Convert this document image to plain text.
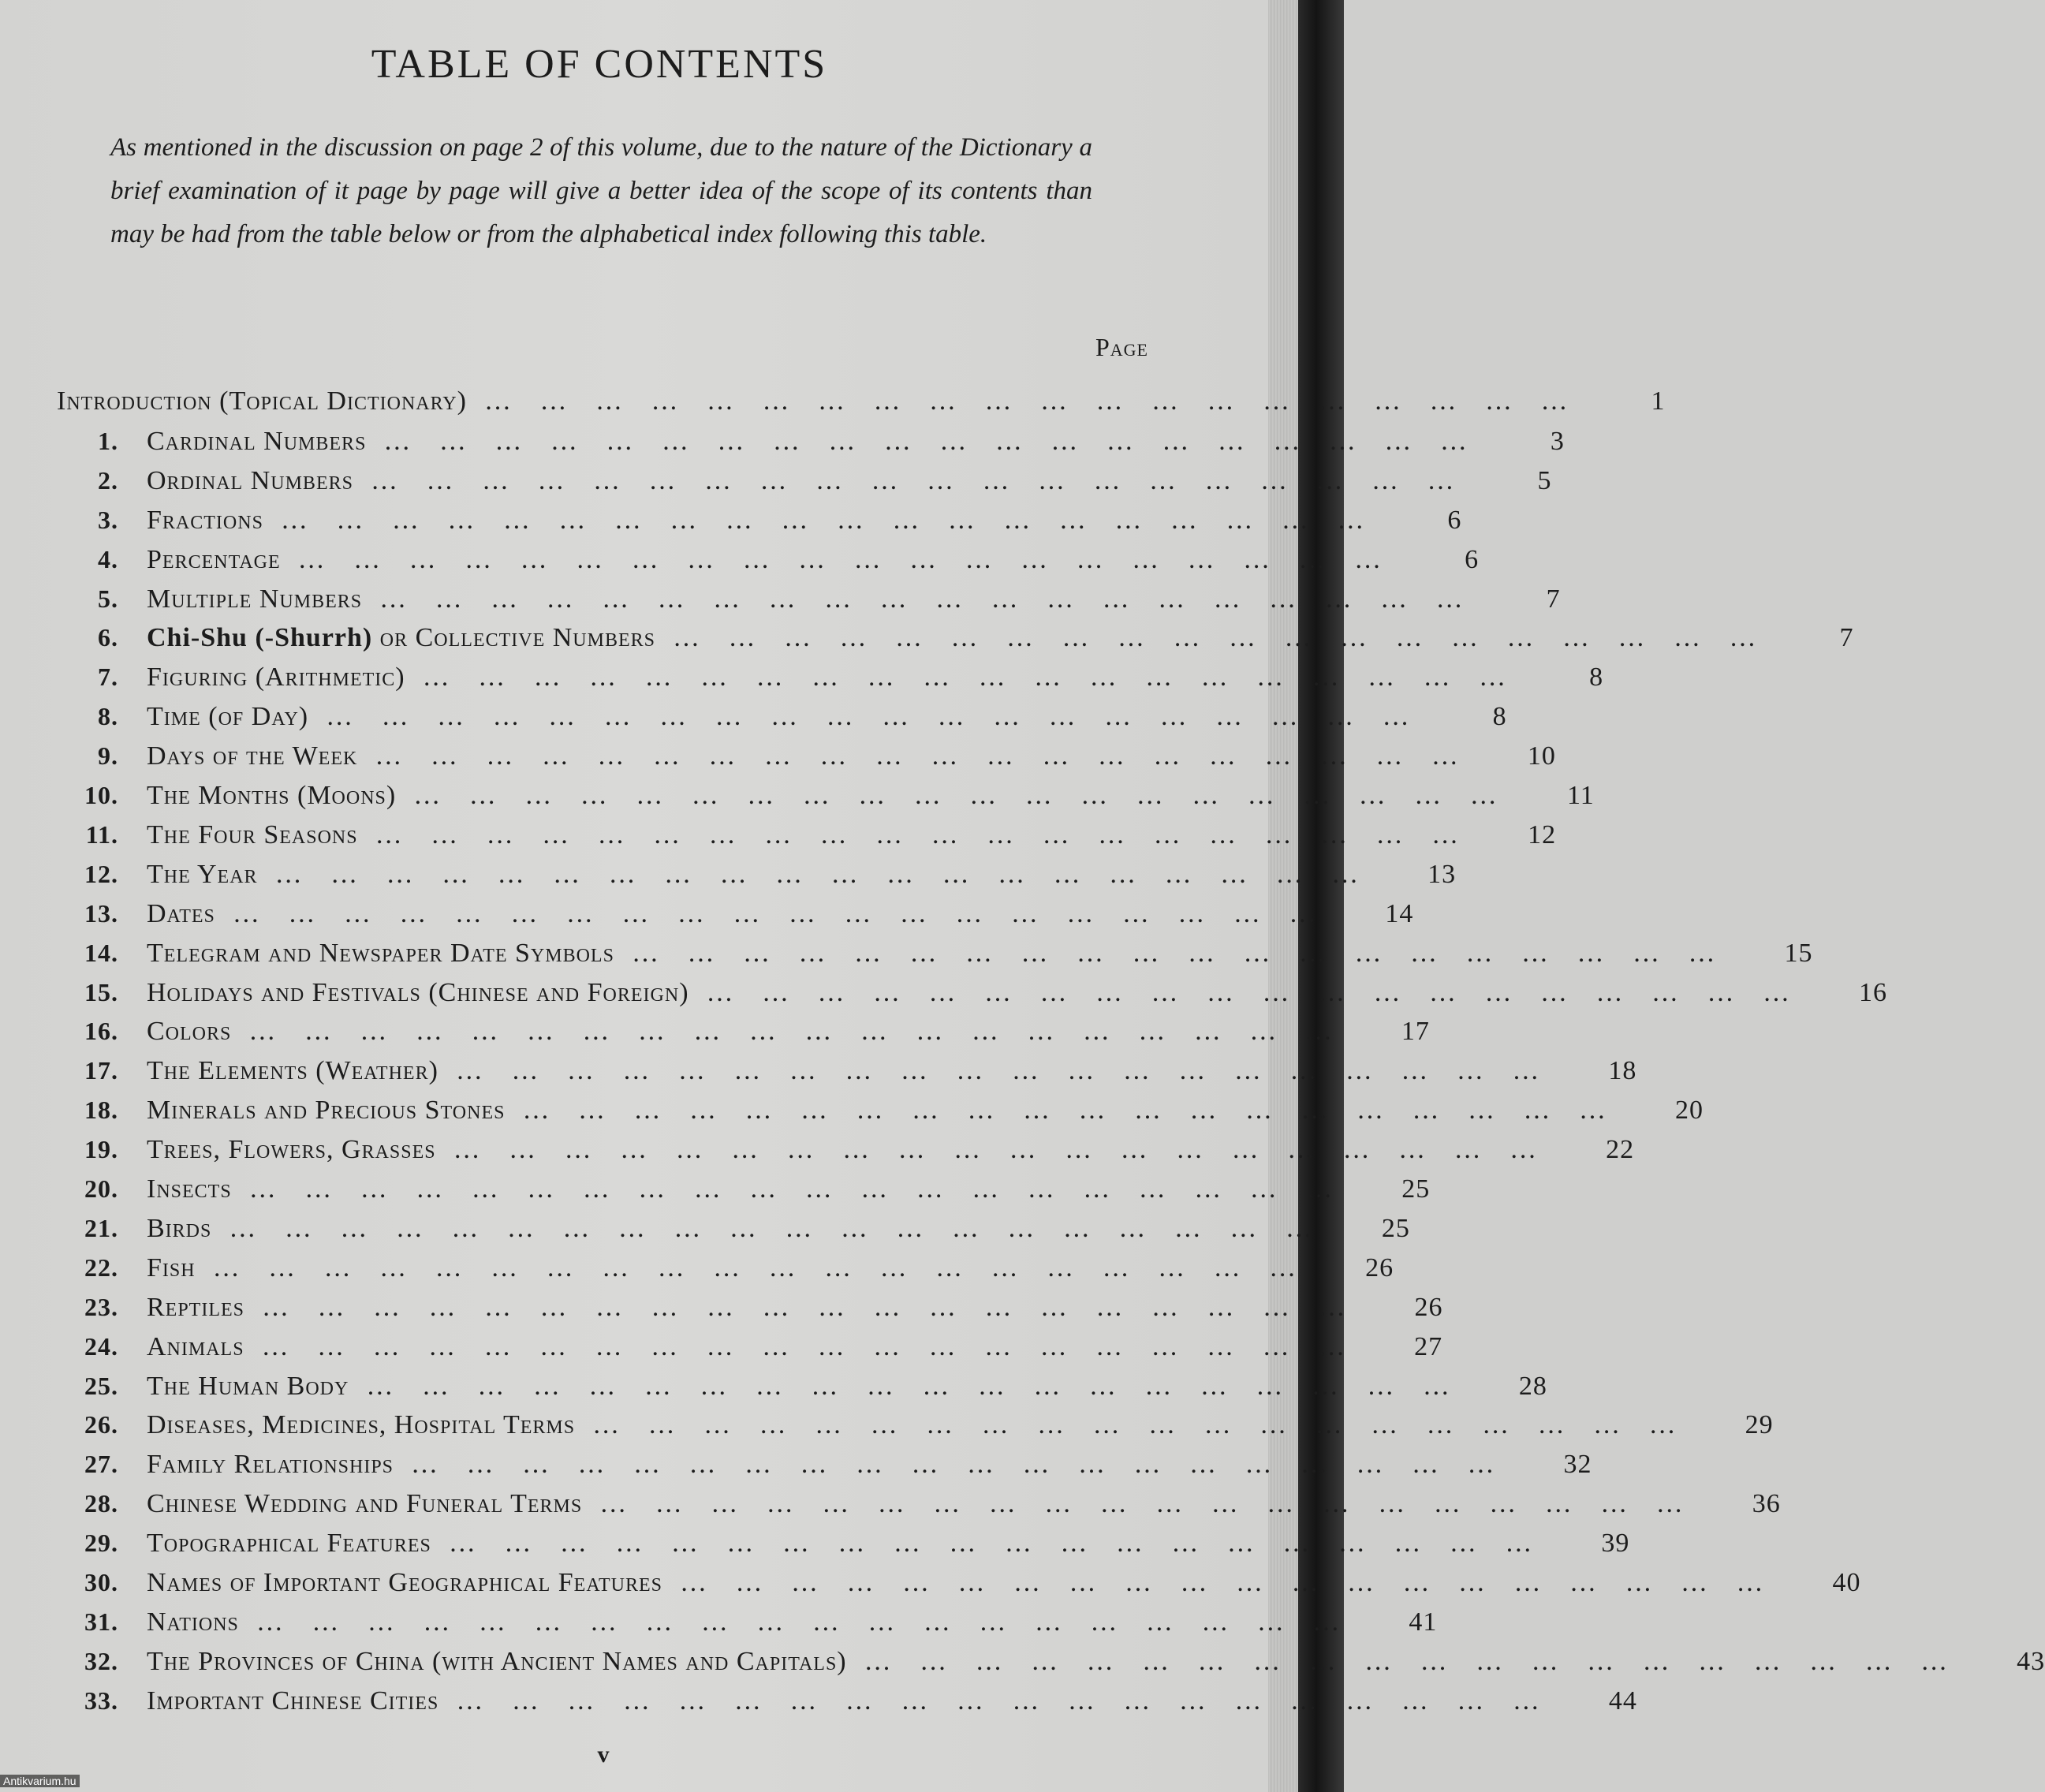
TABLE OF CONTENTS
As mentioned in the discussion on page 2 of this volume, due to the nature of the Dictionary a brief examination of it page by page will give a better idea of the scope of its contents than may be had from the table below or from the alphabetical index following this table.
Page
Introduction (Topical Dictionary) … … … … … … … … … … … … … … … … … … … …	1
1.	Cardinal Numbers … … … … … … … … … … … … … … … … … … … …	3
2.	Ordinal Numbers … … … … … … … … … … … … … … … … … … … …	5
3.	Fractions … … … … … … … … … … … … … … … … … … … …	6
4.	Percentage … … … … … … … … … … … … … … … … … … … …	6
5.	Multiple Numbers … … … … … … … … … … … … … … … … … … … …	7
6.	Chi-Shu (-Shurrh) or Collective Numbers … … … … … … … … … … … … … … … … … … … …	7
7.	Figuring (Arithmetic) … … … … … … … … … … … … … … … … … … … …	8
8.	Time (of Day) … … … … … … … … … … … … … … … … … … … …	8
9.	Days of the Week … … … … … … … … … … … … … … … … … … … …	10
10.	The Months (Moons) … … … … … … … … … … … … … … … … … … … …	11
11.	The Four Seasons … … … … … … … … … … … … … … … … … … … …	12
12.	The Year … … … … … … … … … … … … … … … … … … … …	13
13.	Dates … … … … … … … … … … … … … … … … … … … …	14
14.	Telegram and Newspaper Date Symbols … … … … … … … … … … … … … … … … … … … …	15
15.	Holidays and Festivals (Chinese and Foreign) … … … … … … … … … … … … … … … … … … … …	16
16.	Colors … … … … … … … … … … … … … … … … … … … …	17
17.	The Elements (Weather) … … … … … … … … … … … … … … … … … … … …	18
18.	Minerals and Precious Stones … … … … … … … … … … … … … … … … … … … …	20
19.	Trees, Flowers, Grasses … … … … … … … … … … … … … … … … … … … …	22
20.	Insects … … … … … … … … … … … … … … … … … … … …	25
21.	Birds … … … … … … … … … … … … … … … … … … … …	25
22.	Fish … … … … … … … … … … … … … … … … … … … …	26
23.	Reptiles … … … … … … … … … … … … … … … … … … … …	26
24.	Animals … … … … … … … … … … … … … … … … … … … …	27
25.	The Human Body … … … … … … … … … … … … … … … … … … … …	28
26.	Diseases, Medicines, Hospital Terms … … … … … … … … … … … … … … … … … … … …	29
27.	Family Relationships … … … … … … … … … … … … … … … … … … … …	32
28.	Chinese Wedding and Funeral Terms … … … … … … … … … … … … … … … … … … … …	36
29.	Topographical Features … … … … … … … … … … … … … … … … … … … …	39
30.	Names of Important Geographical Features … … … … … … … … … … … … … … … … … … … …	40
31.	Nations … … … … … … … … … … … … … … … … … … … …	41
32.	The Provinces of China (with Ancient Names and Capitals) … … … … … … … … … … … … … … … … … … … …	43
33.	Important Chinese Cities … … … … … … … … … … … … … … … … … … … …	44
v
Antikvarium.hu
